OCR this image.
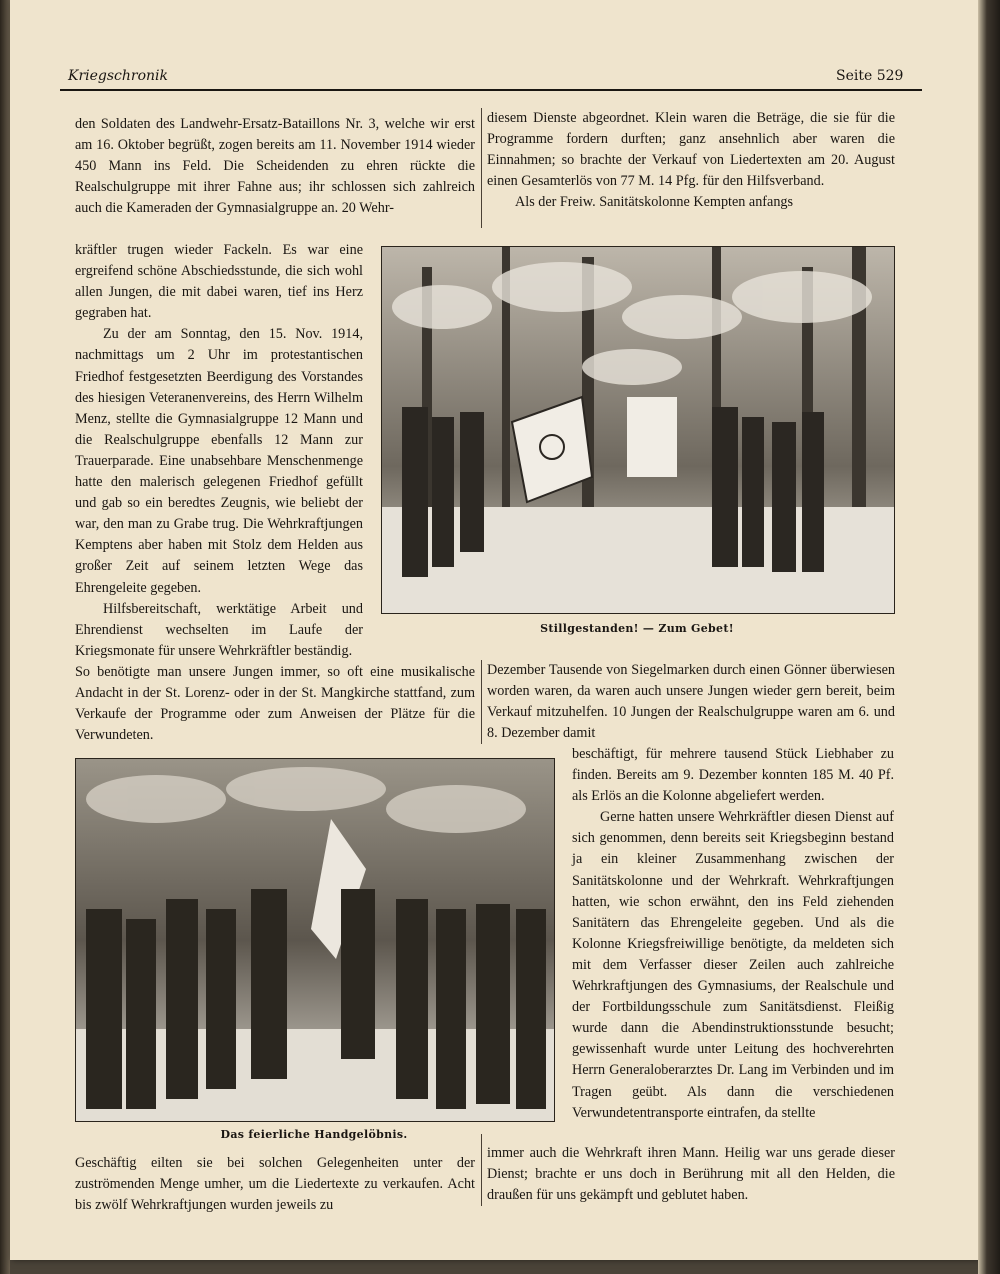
Kriegschronik	Seite 529

den Soldaten des Landwehr-Ersatz-Bataillons Nr. 3, welche wir erst am 16. Oktober begrüßt, zogen bereits am 11. November 1914 wieder 450 Mann ins Feld. Die Scheidenden zu ehren rückte die Realschulgruppe mit ihrer Fahne aus; ihr schlossen sich zahlreich auch die Kameraden der Gymnasialgruppe an. 20 Wehr-

kräftler trugen wieder Fackeln. Es war eine ergreifend schöne Abschiedsstunde, die sich wohl allen Jungen, die mit dabei waren, tief ins Herz gegraben hat.

Zu der am Sonntag, den 15. Nov. 1914, nachmittags um 2 Uhr im protestantischen Friedhof festgesetzten Beerdigung des Vorstandes des hiesigen Veteranenvereins, des Herrn Wilhelm Menz, stellte die Gymnasialgruppe 12 Mann und die Realschulgruppe ebenfalls 12 Mann zur Trauerparade. Eine unabsehbare Menschenmenge hatte den malerisch gelegenen Friedhof gefüllt und gab so ein beredtes Zeugnis, wie beliebt der war, den man zu Grabe trug. Die Wehrkraftjungen Kemptens aber haben mit Stolz dem Helden aus großer Zeit auf seinem letzten Wege das Ehrengeleite gegeben.

Hilfsbereitschaft, werktätige Arbeit und Ehrendienst wechselten im Laufe der Kriegsmonate für unsere Wehrkräftler beständig.

So benötigte man unsere Jungen immer, so oft eine musikalische Andacht in der St. Lorenz- oder in der St. Mangkirche stattfand, zum Verkaufe der Programme oder zum Anweisen der Plätze für die Verwundeten.

diesem Dienste abgeordnet. Klein waren die Beträge, die sie für die Programme fordern durften; ganz ansehnlich aber waren die Einnahmen; so brachte der Verkauf von Liedertexten am 20. August einen Gesamterlös von 77 M. 14 Pfg. für den Hilfsverband.

Als der Freiw. Sanitätskolonne Kempten anfangs

Stillgestanden! — Zum Gebet!

Dezember Tausende von Siegelmarken durch einen Gönner überwiesen worden waren, da waren auch unsere Jungen wieder gern bereit, beim Verkauf mitzuhelfen. 10 Jungen der Realschulgruppe waren am 6. und 8. Dezember damit

Das feierliche Handgelöbnis.

beschäftigt, für mehrere tausend Stück Liebhaber zu finden. Bereits am 9. Dezember konnten 185 M. 40 Pf. als Erlös an die Kolonne abgeliefert werden.

Gerne hatten unsere Wehrkräftler diesen Dienst auf sich genommen, denn bereits seit Kriegsbeginn bestand ja ein kleiner Zusammenhang zwischen der Sanitätskolonne und der Wehrkraft. Wehrkraftjungen hatten, wie schon erwähnt, den ins Feld ziehenden Sanitätern das Ehrengeleite gegeben. Und als die Kolonne Kriegsfreiwillige benötigte, da meldeten sich mit dem Verfasser dieser Zeilen auch zahlreiche Wehrkraftjungen des Gymnasiums, der Realschule und der Fortbildungsschule zum Sanitätsdienst. Fleißig wurde dann die Abendinstruktionsstunde besucht; gewissenhaft wurde unter Leitung des hochverehrten Herrn Generaloberarztes Dr. Lang im Verbinden und im Tragen geübt. Als dann die verschiedenen Verwundetentransporte eintrafen, da stellte

immer auch die Wehrkraft ihren Mann. Heilig war uns gerade dieser Dienst; brachte er uns doch in Berührung mit all den Helden, die draußen für uns gekämpft und geblutet haben.

Geschäftig eilten sie bei solchen Gelegenheiten unter der zuströmenden Menge umher, um die Liedertexte zu verkaufen. Acht bis zwölf Wehrkraftjungen wurden jeweils zu
